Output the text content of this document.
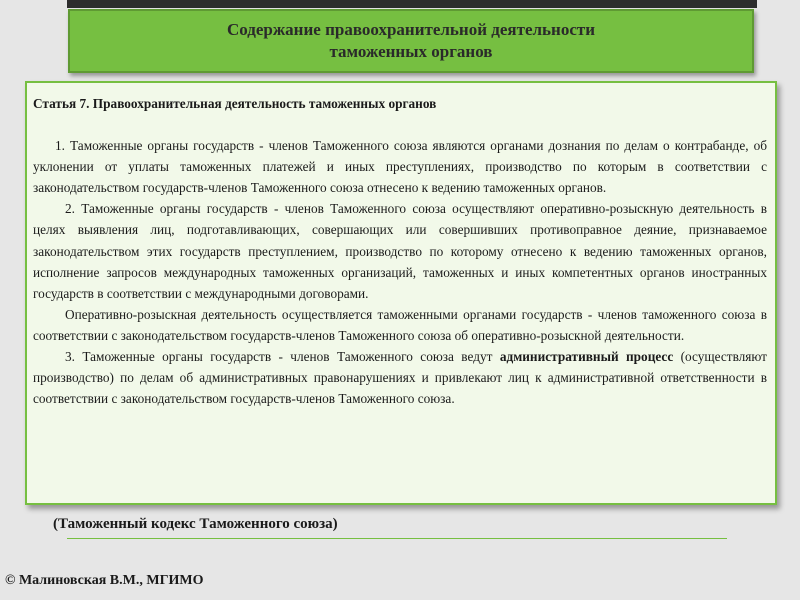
Содержание правоохранительной деятельности
таможенных органов

Статья 7. Правоохранительная деятельность таможенных органов

1. Таможенные органы государств - членов Таможенного союза являются органами дознания по делам о контрабанде, об уклонении от уплаты таможенных платежей и иных преступлениях, производство по которым в соответствии с законодательством государств-членов Таможенного союза отнесено к ведению таможенных органов.

2. Таможенные органы государств - членов Таможенного союза осуществляют оперативно-розыскную деятельность в целях выявления лиц, подготавливающих, совершающих или совершивших противоправное деяние, признаваемое законодательством этих государств преступлением, производство по которому отнесено к ведению таможенных органов, исполнение запросов международных таможенных организаций, таможенных и иных компетентных органов иностранных государств в соответствии с международными договорами.

Оперативно-розыскная деятельность осуществляется таможенными органами государств - членов таможенного союза в соответствии с законодательством государств-членов Таможенного союза об оперативно-розыскной деятельности.

3. Таможенные органы государств - членов Таможенного союза ведут административный процесс (осуществляют производство) по делам об административных правонарушениях и привлекают лиц к административной ответственности в соответствии с законодательством государств-членов Таможенного союза.

(Таможенный кодекс Таможенного союза)
© Малиновская В.М., МГИМО
